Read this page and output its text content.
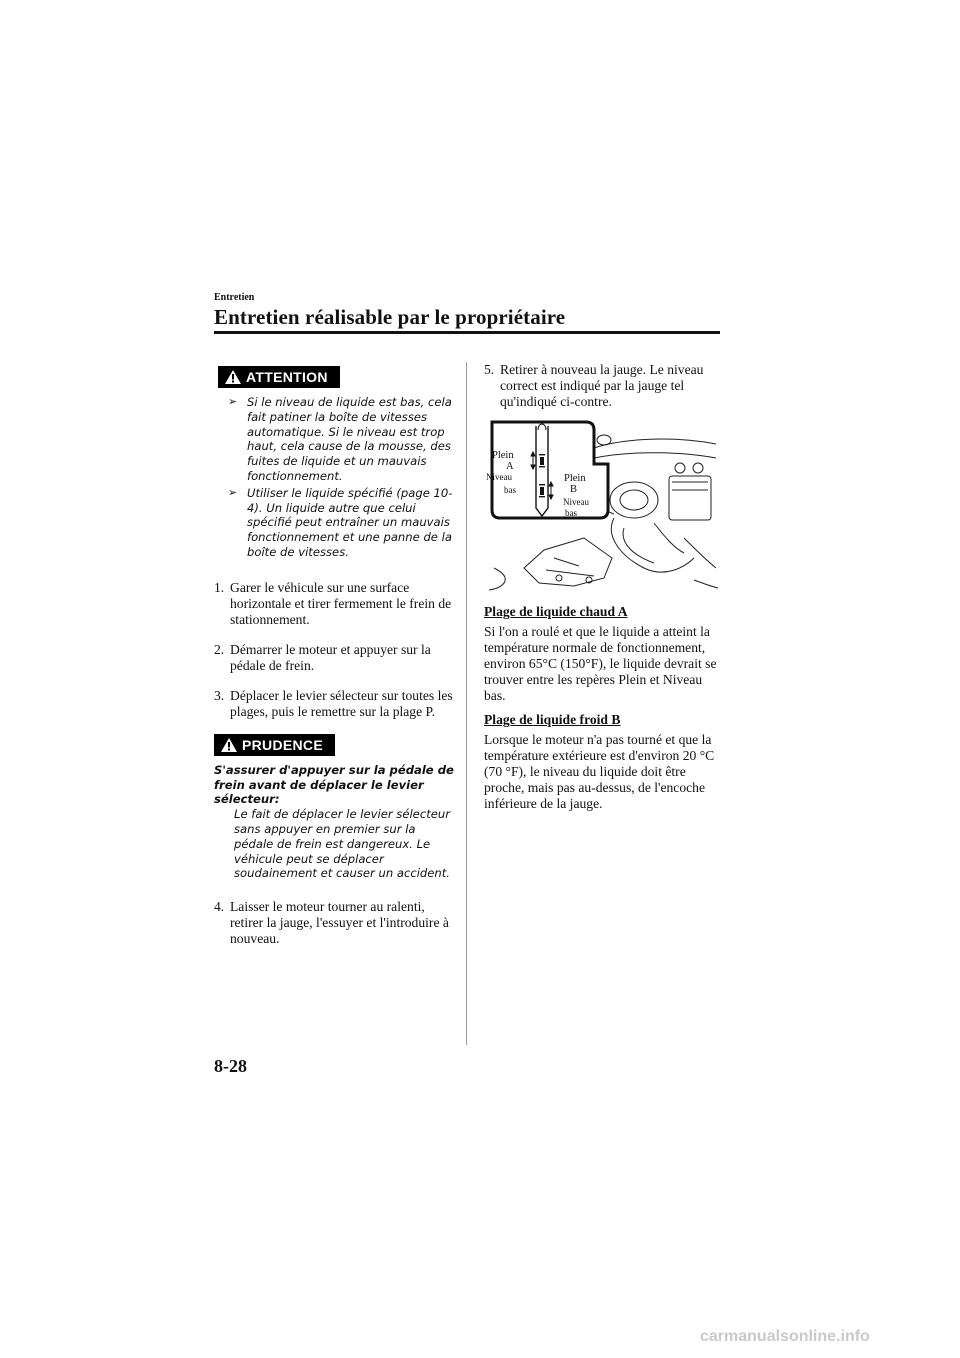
Entretien
Entretien réalisable par le propriétaire
ATTENTION
➢ Si le niveau de liquide est bas, cela fait patiner la boîte de vitesses automatique. Si le niveau est trop haut, cela cause de la mousse, des fuites de liquide et un mauvais fonctionnement.
➢ Utiliser le liquide spécifié (page 10-4). Un liquide autre que celui spécifié peut entraîner un mauvais fonctionnement et une panne de la boîte de vitesses.
1. Garer le véhicule sur une surface horizontale et tirer fermement le frein de stationnement.
2. Démarrer le moteur et appuyer sur la pédale de frein.
3. Déplacer le levier sélecteur sur toutes les plages, puis le remettre sur la plage P.
PRUDENCE
S'assurer d'appuyer sur la pédale de frein avant de déplacer le levier sélecteur:
Le fait de déplacer le levier sélecteur sans appuyer en premier sur la pédale de frein est dangereux. Le véhicule peut se déplacer soudainement et causer un accident.
4. Laisser le moteur tourner au ralenti, retirer la jauge, l'essuyer et l'introduire à nouveau.
5. Retirer à nouveau la jauge. Le niveau correct est indiqué par la jauge tel qu'indiqué ci-contre.
Plein
A
Niveau
bas
Plein
B
Niveau
bas
Plage de liquide chaud A
Si l'on a roulé et que le liquide a atteint la température normale de fonctionnement, environ 65°C (150°F), le liquide devrait se trouver entre les repères Plein et Niveau bas.
Plage de liquide froid B
Lorsque le moteur n'a pas tourné et que la température extérieure est d'environ 20 °C (70 °F), le niveau du liquide doit être proche, mais pas au-dessus, de l'encoche inférieure de la jauge.
8-28
carmanualsonline.info
